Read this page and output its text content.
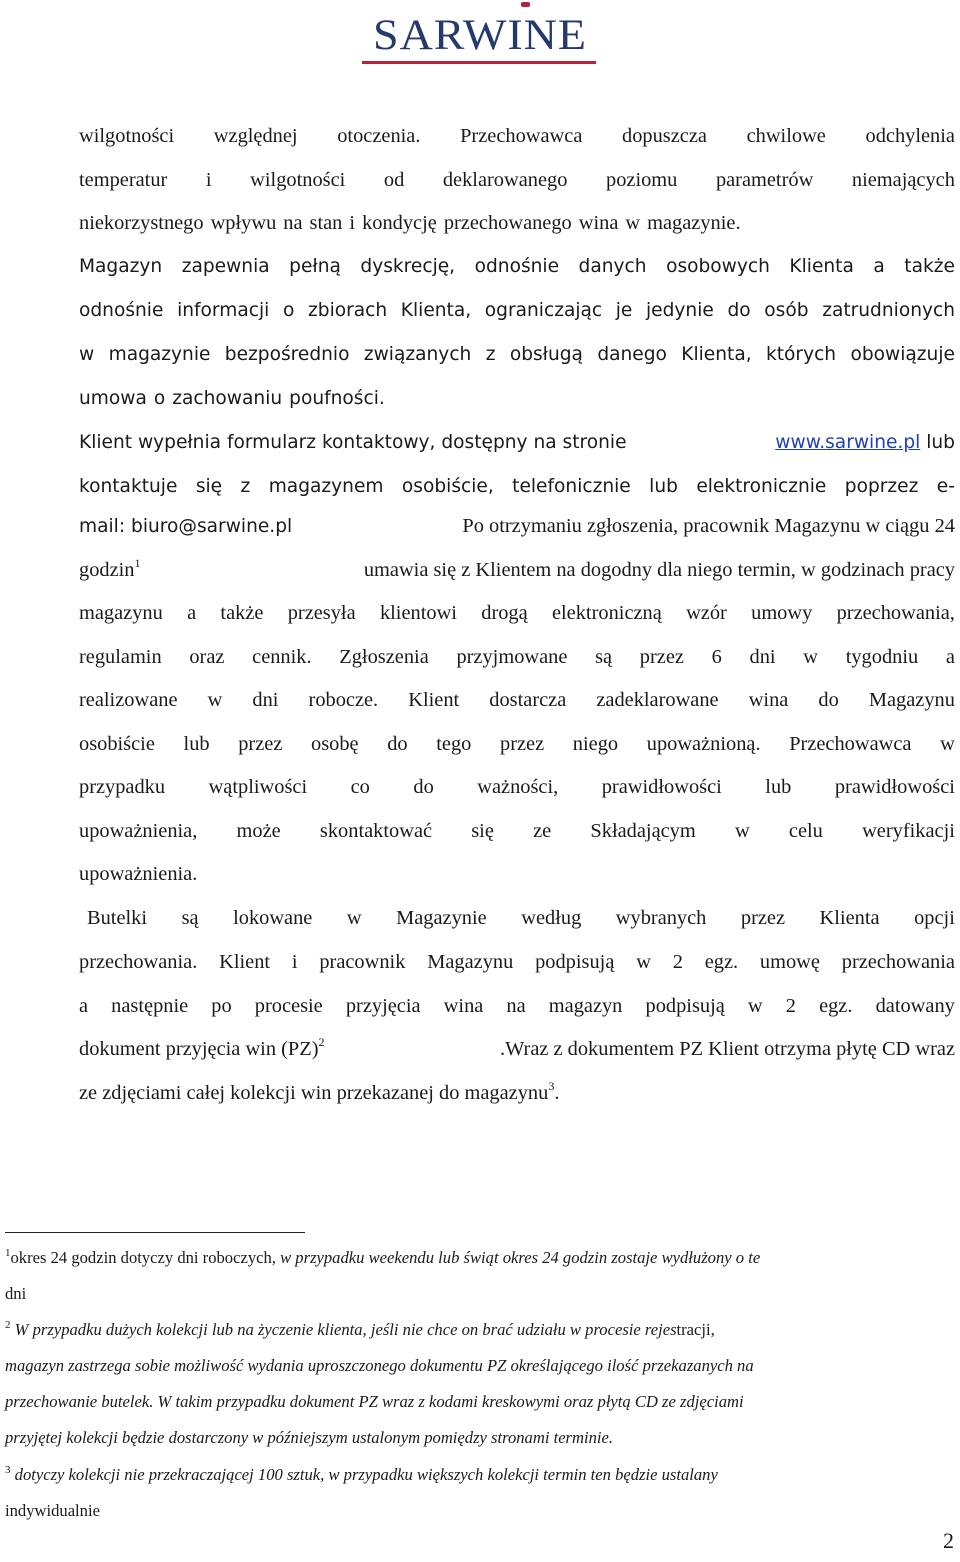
SARWINE
wilgotności względnej otoczenia. Przechowawca dopuszcza chwilowe odchylenia
temperatur i wilgotności od deklarowanego poziomu parametrów niemających
niekorzystnego wpływu na stan i kondycję przechowanego wina w magazynie.
Magazyn zapewnia pełną dyskrecję, odnośnie danych osobowych Klienta a także
odnośnie informacji o zbiorach Klienta, ograniczając je jedynie do osób zatrudnionych
w magazynie bezpośrednio związanych z obsługą danego Klienta, których obowiązuje
umowa o zachowaniu poufności.
Klient wypełnia formularz kontaktowy, dostępny na stronie	www.sarwine.pl lub
kontaktuje się z magazynem osobiście, telefonicznie lub elektronicznie poprzez e-
mail: biuro@sarwine.pl	Po otrzymaniu zgłoszenia, pracownik Magazynu w ciągu 24
godzin$^1$	umawia się z Klientem na dogodny dla niego termin, w godzinach pracy
magazynu a także przesyła klientowi drogą elektroniczną wzór umowy przechowania,
regulamin oraz cennik. Zgłoszenia przyjmowane są przez 6 dni w tygodniu a
realizowane w dni robocze. Klient dostarcza zadeklarowane wina do Magazynu
osobiście lub przez osobę do tego przez niego upoważnioną. Przechowawca w
przypadku wątpliwości co do ważności, prawidłowości lub prawidłowości
upoważnienia, może skontaktować się ze Składającym w celu weryfikacji
upoważnienia.
Butelki są lokowane w Magazynie według wybranych przez Klienta opcji
przechowania. Klient i pracownik Magazynu podpisują w 2 egz. umowę przechowania
a następnie po procesie przyjęcia wina na magazyn podpisują w 2 egz. datowany
dokument przyjęcia win (PZ)$^2$	.Wraz z dokumentem PZ Klient otrzyma płytę CD wraz
ze zdjęciami całej kolekcji win przekazanej do magazynu$^3$.
$^1$okres 24 godzin dotyczy dni roboczych, w przypadku weekendu lub świąt okres 24 godzin zostaje wydłużony o te
dni
$^2$ W przypadku dużych kolekcji lub na życzenie klienta, jeśli nie chce on brać udziału w procesie rejestracji,
magazyn zastrzega sobie możliwość wydania uproszczonego dokumentu PZ określającego ilość przekazanych na
przechowanie butelek. W takim przypadku dokument PZ wraz z kodami kreskowymi oraz płytą CD ze zdjęciami
przyjętej kolekcji będzie dostarczony w późniejszym ustalonym pomiędzy stronami terminie.
$^3$ dotyczy kolekcji nie przekraczającej 100 sztuk, w przypadku większych kolekcji termin ten będzie ustalany
indywidualnie
2
